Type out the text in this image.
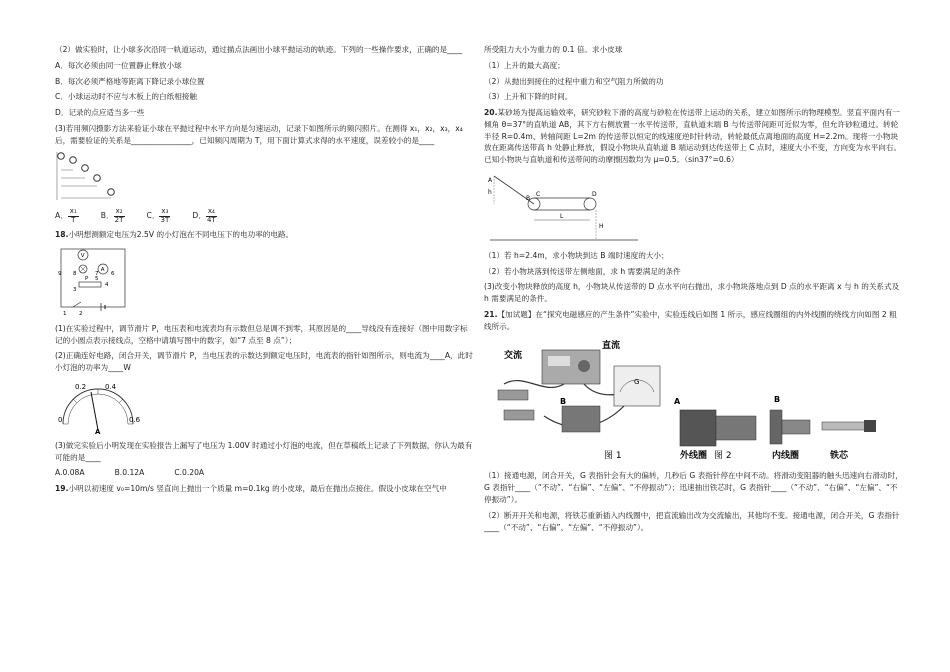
（2）做实验时，让小球多次沿同一轨道运动，通过描点法画出小球平抛运动的轨迹。下列的一些操作要求，正确的是____

A．每次必须由同一位置静止释放小球

B．每次必须严格地等距离下降记录小球位置

C．小球运动时不应与木板上的白纸相接触

D．记录的点应适当多一些

(3)若用频闪摄影方法来验证小球在平抛过程中水平方向是匀速运动，记录下如图所示的频闪照片。在测得 x₁，x₂，x₃，x₄后，需要验证的关系是________________，已知频闪周期为 T，用下面计算式求得的水平速度，误差较小的是____

A． $\frac{\text{x₁}}{T}$	B． $\frac{\text{x₂}}{2T}$	C． $\frac{\text{x₃}}{3T}$	D． $\frac{\text{x₄}}{4T}$

18.小明想测额定电压为2.5V 的小灯泡在不同电压下的电功率的电路。

V
A
9 8	7 6
P 5
4
3
1 2

(1)在实验过程中，调节滑片 P，电压表和电流表均有示数但总是调不到零，其原因是的____导线没有连接好（图中用数字标记的小圆点表示接线点，空格中请填写图中的数字，如“7 点至 8 点”）；

(2)正确连好电路，闭合开关，调节滑片 P，当电压表的示数达到额定电压时，电流表的指针如图所示，则电流为____A，此时小灯泡的功率为____W

0
0.2	0.4
0.6
A

(3)做完实验后小明发现在实验报告上漏写了电压为 1.00V 时通过小灯泡的电流，但在草稿纸上记录了下列数据，你认为最有可能的是____

A.0.08A	B.0.12A	C.0.20A

19.小明以初速度 v₀=10m/s 竖直向上抛出一个质量 m=0.1kg 的小皮球，最后在抛出点接住。假设小皮球在空气中

所受阻力大小为重力的 0.1 倍。求小皮球

（1）上升的最大高度；

（2）从抛出到接住的过程中重力和空气阻力所做的功

（3）上升和下降的时间。

20.某砂场为提高运输效率，研究砂粒下滑的高度与砂粒在传送带上运动的关系，建立如图所示的物理模型。竖直平面内有一倾角 θ=37°的直轨道 AB，其下方右侧放置一水平传送带，直轨道末端 B 与传送带间距可近似为零，但允许砂粒通过。转轮半径 R=0.4m、转轴间距 L=2m 的传送带以恒定的线速度逆时针转动，转轮最低点离地面的高度 H=2.2m。现将一小物块放在距离传送带高 h 处静止释放，假设小物块从直轨道 B 端运动到达传送带上 C 点时，速度大小不变，方向变为水平向右。已知小物块与直轨道和传送带间的动摩擦因数均为 μ=0.5。（sin37°=0.6）

A
h
B
C	D
L
H

（1）若 h=2.4m，求小物块到达 B 端时速度的大小；

（2）若小物块落到传送带左侧地面，求 h 需要满足的条件

(3)改变小物块释放的高度 h，小物块从传送带的 D 点水平向右抛出，求小物块落地点到 D 点的水平距离 x 与 h 的关系式及 h 需要满足的条件。

21.【加试题】在“探究电磁感应的产生条件”实验中，实验连线后如图 1 所示，感应线圈组的内外线圈的绕线方向如图 2 粗线所示。

交流
直流
B
G
A
外线圈
B
内线圈	铁芯
图 1	图 2

（1）接通电源，闭合开关，G 表指针会有大的偏转，几秒后 G 表指针停在中间不动。将滑动变阻器的触头迅速向右滑动时，G 表指针____（“不动”、“右偏”、“左偏”、“不停振动”）；迅速抽出铁芯时，G 表指针____（“不动”、“右偏”、“左偏”、“不停振动”）。

（2）断开开关和电源，将铁芯重新插入内线圈中，把直流输出改为交流输出，其他均不变。接通电源，闭合开关，G 表指针____（“不动”、“右偏”、“左偏”、“不停振动”）。
